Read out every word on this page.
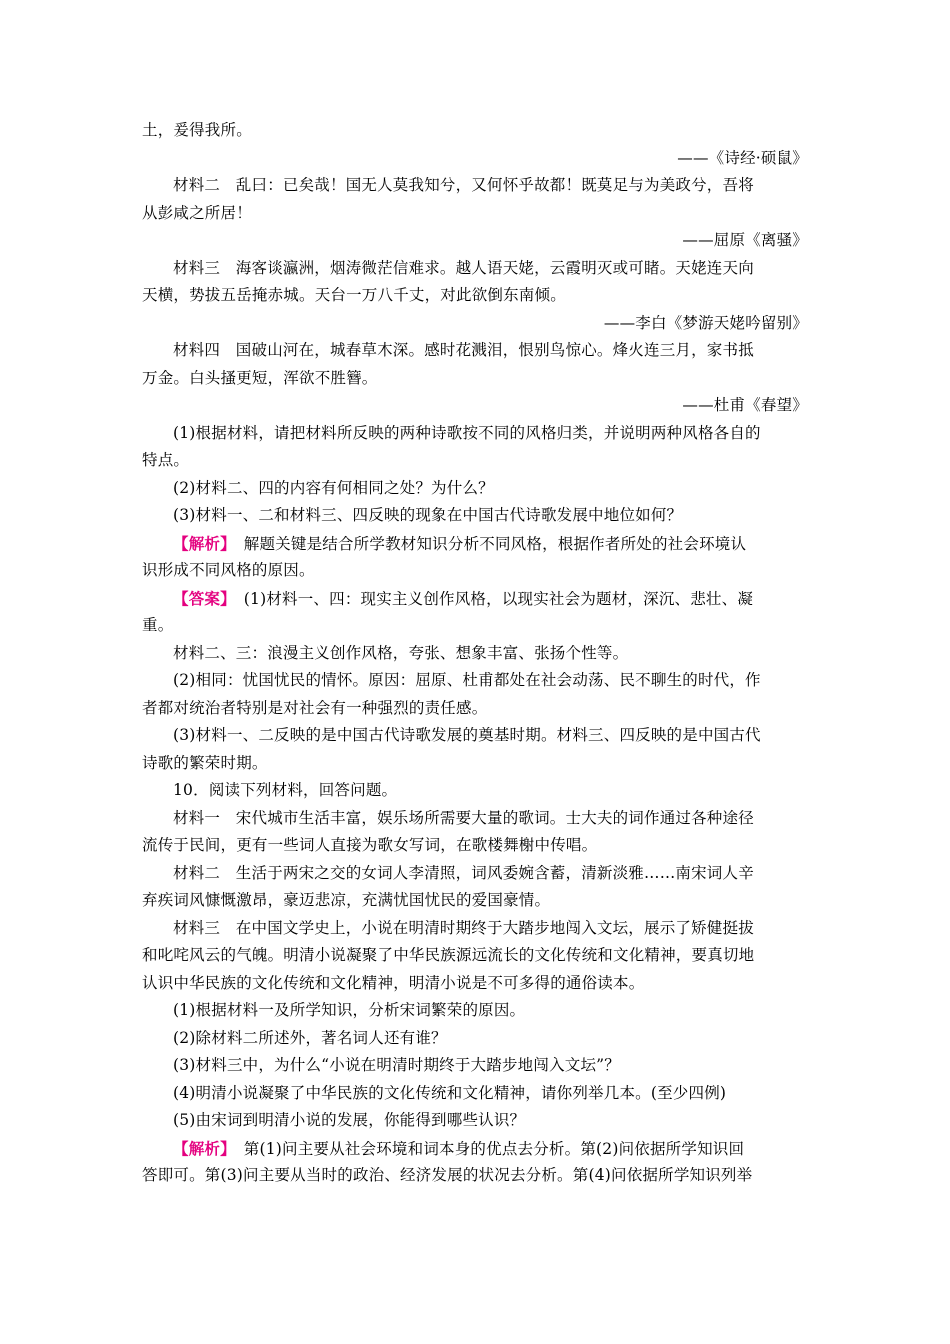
土，爰得我所。
——《诗经·硕鼠》
材料二　乱曰：已矣哉！国无人莫我知兮，又何怀乎故都！既莫足与为美政兮，吾将
从彭咸之所居！
——屈原《离骚》
材料三　海客谈瀛洲，烟涛微茫信难求。越人语天姥，云霞明灭或可睹。天姥连天向
天横，势拔五岳掩赤城。天台一万八千丈，对此欲倒东南倾。
——李白《梦游天姥吟留别》
材料四　国破山河在，城春草木深。感时花溅泪，恨别鸟惊心。烽火连三月，家书抵
万金。白头搔更短，浑欲不胜簪。
——杜甫《春望》
(1)根据材料，请把材料所反映的两种诗歌按不同的风格归类，并说明两种风格各自的
特点。
(2)材料二、四的内容有何相同之处？为什么？
(3)材料一、二和材料三、四反映的现象在中国古代诗歌发展中地位如何？
【解析】　解题关键是结合所学教材知识分析不同风格，根据作者所处的社会环境认
识形成不同风格的原因。
【答案】　(1)材料一、四：现实主义创作风格，以现实社会为题材，深沉、悲壮、凝
重。
材料二、三：浪漫主义创作风格，夸张、想象丰富、张扬个性等。
(2)相同：忧国忧民的情怀。原因：屈原、杜甫都处在社会动荡、民不聊生的时代，作
者都对统治者特别是对社会有一种强烈的责任感。
(3)材料一、二反映的是中国古代诗歌发展的奠基时期。材料三、四反映的是中国古代
诗歌的繁荣时期。
10．阅读下列材料，回答问题。
材料一　宋代城市生活丰富，娱乐场所需要大量的歌词。士大夫的词作通过各种途径
流传于民间，更有一些词人直接为歌女写词，在歌楼舞榭中传唱。
材料二　生活于两宋之交的女词人李清照，词风委婉含蓄，清新淡雅……南宋词人辛
弃疾词风慷慨激昂，豪迈悲凉，充满忧国忧民的爱国豪情。
材料三　在中国文学史上，小说在明清时期终于大踏步地闯入文坛，展示了矫健挺拔
和叱咤风云的气魄。明清小说凝聚了中华民族源远流长的文化传统和文化精神，要真切地
认识中华民族的文化传统和文化精神，明清小说是不可多得的通俗读本。
(1)根据材料一及所学知识，分析宋词繁荣的原因。
(2)除材料二所述外，著名词人还有谁？
(3)材料三中，为什么“小说在明清时期终于大踏步地闯入文坛”？
(4)明清小说凝聚了中华民族的文化传统和文化精神，请你列举几本。(至少四例)
(5)由宋词到明清小说的发展，你能得到哪些认识？
【解析】　第(1)问主要从社会环境和词本身的优点去分析。第(2)问依据所学知识回
答即可。第(3)问主要从当时的政治、经济发展的状况去分析。第(4)问依据所学知识列举
